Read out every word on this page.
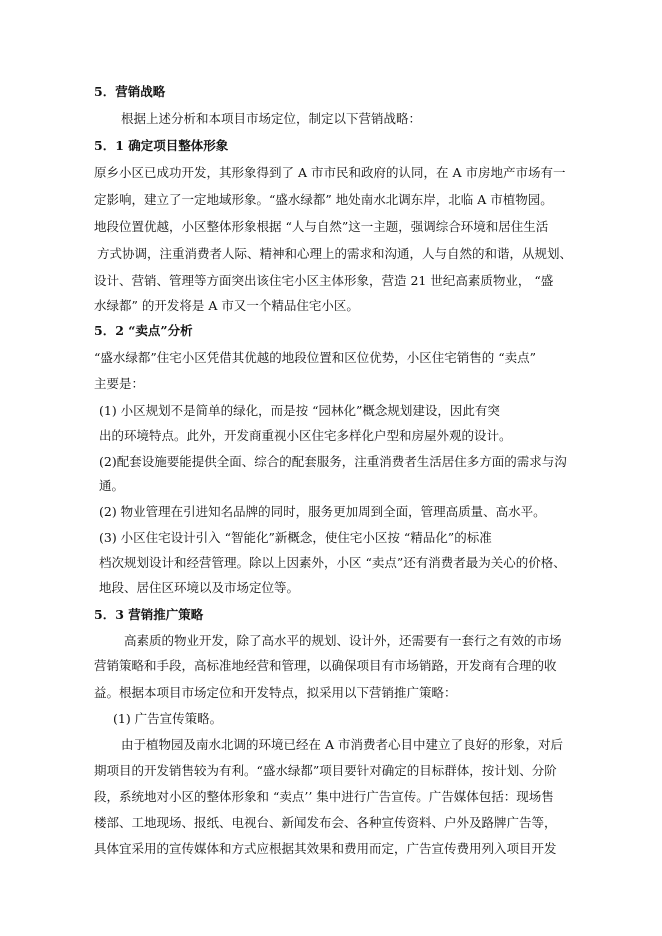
5．营销战略
根据上述分析和本项目市场定位，制定以下营销战略：
5．1 确定项目整体形象
原乡小区已成功开发，其形象得到了 A 市市民和政府的认同，在 A 市房地产市场有一
定影响，建立了一定地域形象。“盛水绿都” 地处南水北调东岸，北临 A 市植物园。
地段位置优越，小区整体形象根据 “人与自然”这一主题，强调综合环境和居住生活
方式协调，注重消费者人际、精神和心理上的需求和沟通，人与自然的和谐，从规划、
设计、营销、管理等方面突出该住宅小区主体形象，营造 21 世纪高素质物业， “盛
水绿都” 的开发将是 A 市又一个精品住宅小区。
5．2 “卖点”分析
“盛水绿都”住宅小区凭借其优越的地段位置和区位优势，小区住宅销售的 “卖点”
主要是：
(1) 小区规划不是简单的绿化，而是按 “园林化”概念规划建设，因此有突
出的环境特点。此外，开发商重视小区住宅多样化户型和房屋外观的设计。
(2)配套设施要能提供全面、综合的配套服务，注重消费者生活居住多方面的需求与沟
通。
(2) 物业管理在引进知名品牌的同时，服务更加周到全面，管理高质量、高水平。
(3) 小区住宅设计引入 “智能化”新概念，使住宅小区按 “精品化”的标准
档次规划设计和经营管理。除以上因素外，小区 “卖点”还有消费者最为关心的价格、
地段、居住区环境以及市场定位等。
5．3 营销推广策略
高素质的物业开发，除了高水平的规划、设计外，还需要有一套行之有效的市场
营销策略和手段，高标准地经营和管理，以确保项目有市场销路，开发商有合理的收
益。根据本项目市场定位和开发特点，拟采用以下营销推广策略：
(1) 广告宣传策略。
由于植物园及南水北调的环境已经在 A 市消费者心目中建立了良好的形象，对后
期项目的开发销售较为有利。“盛水绿都”项目要针对确定的目标群体，按计划、分阶
段，系统地对小区的整体形象和 “卖点’’ 集中进行广告宣传。广告媒体包括：现场售
楼部、工地现场、报纸、电视台、新闻发布会、各种宣传资料、户外及路牌广告等，
具体宜采用的宣传媒体和方式应根据其效果和费用而定，广告宣传费用列入项目开发
